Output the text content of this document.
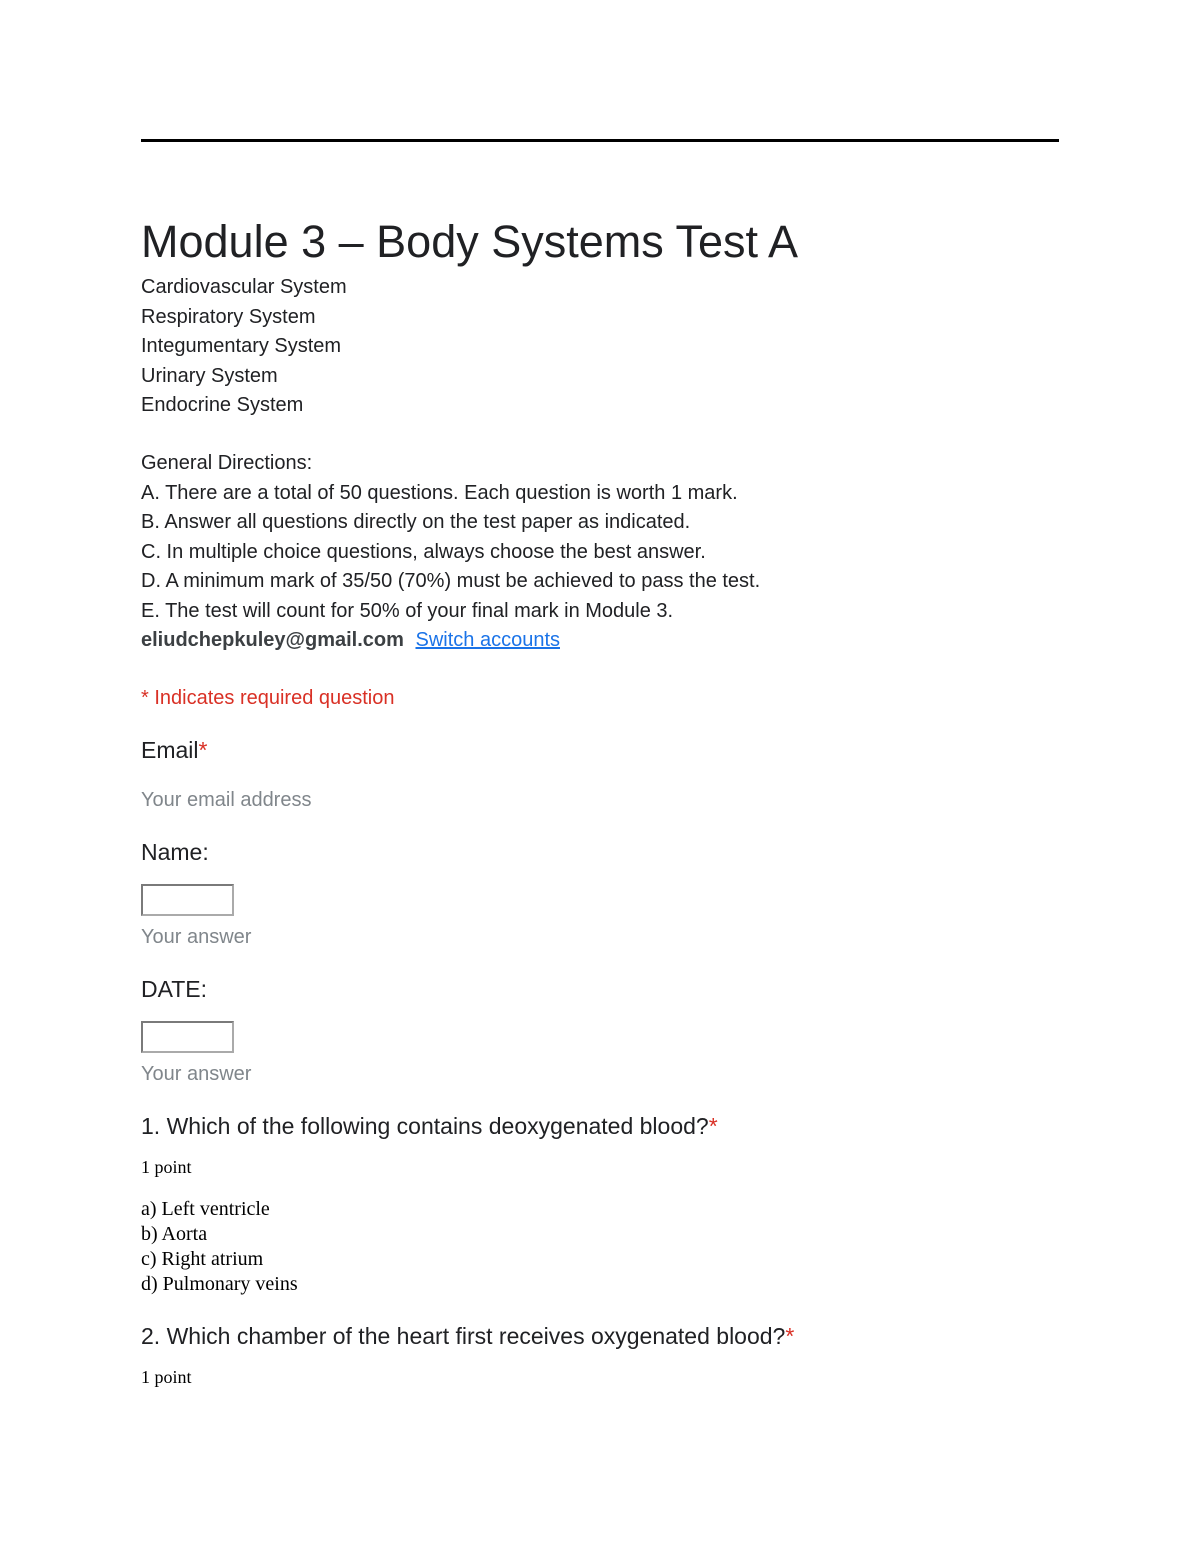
Module 3 – Body Systems Test A
Cardiovascular System
Respiratory System
Integumentary System
Urinary System
Endocrine System
General Directions:
A. There are a total of 50 questions. Each question is worth 1 mark.
B. Answer all questions directly on the test paper as indicated.
C. In multiple choice questions, always choose the best answer.
D. A minimum mark of 35/50 (70%) must be achieved to pass the test.
E. The test will count for 50% of your final mark in Module 3.
eliudchepkuley@gmail.com Switch accounts
* Indicates required question
Email*
Your email address
Name:
Your answer
DATE:
Your answer
1. Which of the following contains deoxygenated blood?*
1 point
a) Left ventricle
b) Aorta
c) Right atrium
d) Pulmonary veins
2. Which chamber of the heart first receives oxygenated blood?*
1 point
